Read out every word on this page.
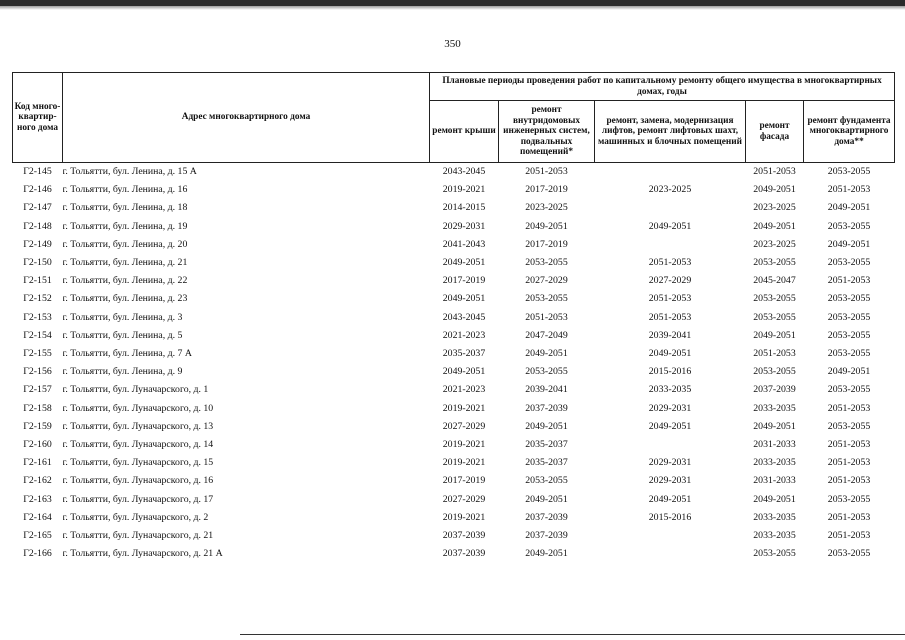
350
Код много-квартир-ного дома	Адрес многоквартирного дома	Плановые периоды проведения работ по капитальному ремонту общего имущества в многоквартирных домах, годы				
		ремонт крыши	ремонт внутридомовых инженерных систем, подвальных помещений*	ремонт, замена, модернизация лифтов, ремонт лифтовых шахт, машинных и блочных помещений	ремонт фасада	ремонт фундамента многоквартирного дома**
Г2-145	г. Тольятти, бул. Ленина, д. 15 А	2043-2045	2051-2053		2051-2053	2053-2055
Г2-146	г. Тольятти, бул. Ленина, д. 16	2019-2021	2017-2019	2023-2025	2049-2051	2051-2053
Г2-147	г. Тольятти, бул. Ленина, д. 18	2014-2015	2023-2025		2023-2025	2049-2051
Г2-148	г. Тольятти, бул. Ленина, д. 19	2029-2031	2049-2051	2049-2051	2049-2051	2053-2055
Г2-149	г. Тольятти, бул. Ленина, д. 20	2041-2043	2017-2019		2023-2025	2049-2051
Г2-150	г. Тольятти, бул. Ленина, д. 21	2049-2051	2053-2055	2051-2053	2053-2055	2053-2055
Г2-151	г. Тольятти, бул. Ленина, д. 22	2017-2019	2027-2029	2027-2029	2045-2047	2051-2053
Г2-152	г. Тольятти, бул. Ленина, д. 23	2049-2051	2053-2055	2051-2053	2053-2055	2053-2055
Г2-153	г. Тольятти, бул. Ленина, д. 3	2043-2045	2051-2053	2051-2053	2053-2055	2053-2055
Г2-154	г. Тольятти, бул. Ленина, д. 5	2021-2023	2047-2049	2039-2041	2049-2051	2053-2055
Г2-155	г. Тольятти, бул. Ленина, д. 7 А	2035-2037	2049-2051	2049-2051	2051-2053	2053-2055
Г2-156	г. Тольятти, бул. Ленина, д. 9	2049-2051	2053-2055	2015-2016	2053-2055	2049-2051
Г2-157	г. Тольятти, бул. Луначарского, д. 1	2021-2023	2039-2041	2033-2035	2037-2039	2053-2055
Г2-158	г. Тольятти, бул. Луначарского, д. 10	2019-2021	2037-2039	2029-2031	2033-2035	2051-2053
Г2-159	г. Тольятти, бул. Луначарского, д. 13	2027-2029	2049-2051	2049-2051	2049-2051	2053-2055
Г2-160	г. Тольятти, бул. Луначарского, д. 14	2019-2021	2035-2037		2031-2033	2051-2053
Г2-161	г. Тольятти, бул. Луначарского, д. 15	2019-2021	2035-2037	2029-2031	2033-2035	2051-2053
Г2-162	г. Тольятти, бул. Луначарского, д. 16	2017-2019	2053-2055	2029-2031	2031-2033	2051-2053
Г2-163	г. Тольятти, бул. Луначарского, д. 17	2027-2029	2049-2051	2049-2051	2049-2051	2053-2055
Г2-164	г. Тольятти, бул. Луначарского, д. 2	2019-2021	2037-2039	2015-2016	2033-2035	2051-2053
Г2-165	г. Тольятти, бул. Луначарского, д. 21	2037-2039	2037-2039		2033-2035	2051-2053
Г2-166	г. Тольятти, бул. Луначарского, д. 21 А	2037-2039	2049-2051		2053-2055	2053-2055
